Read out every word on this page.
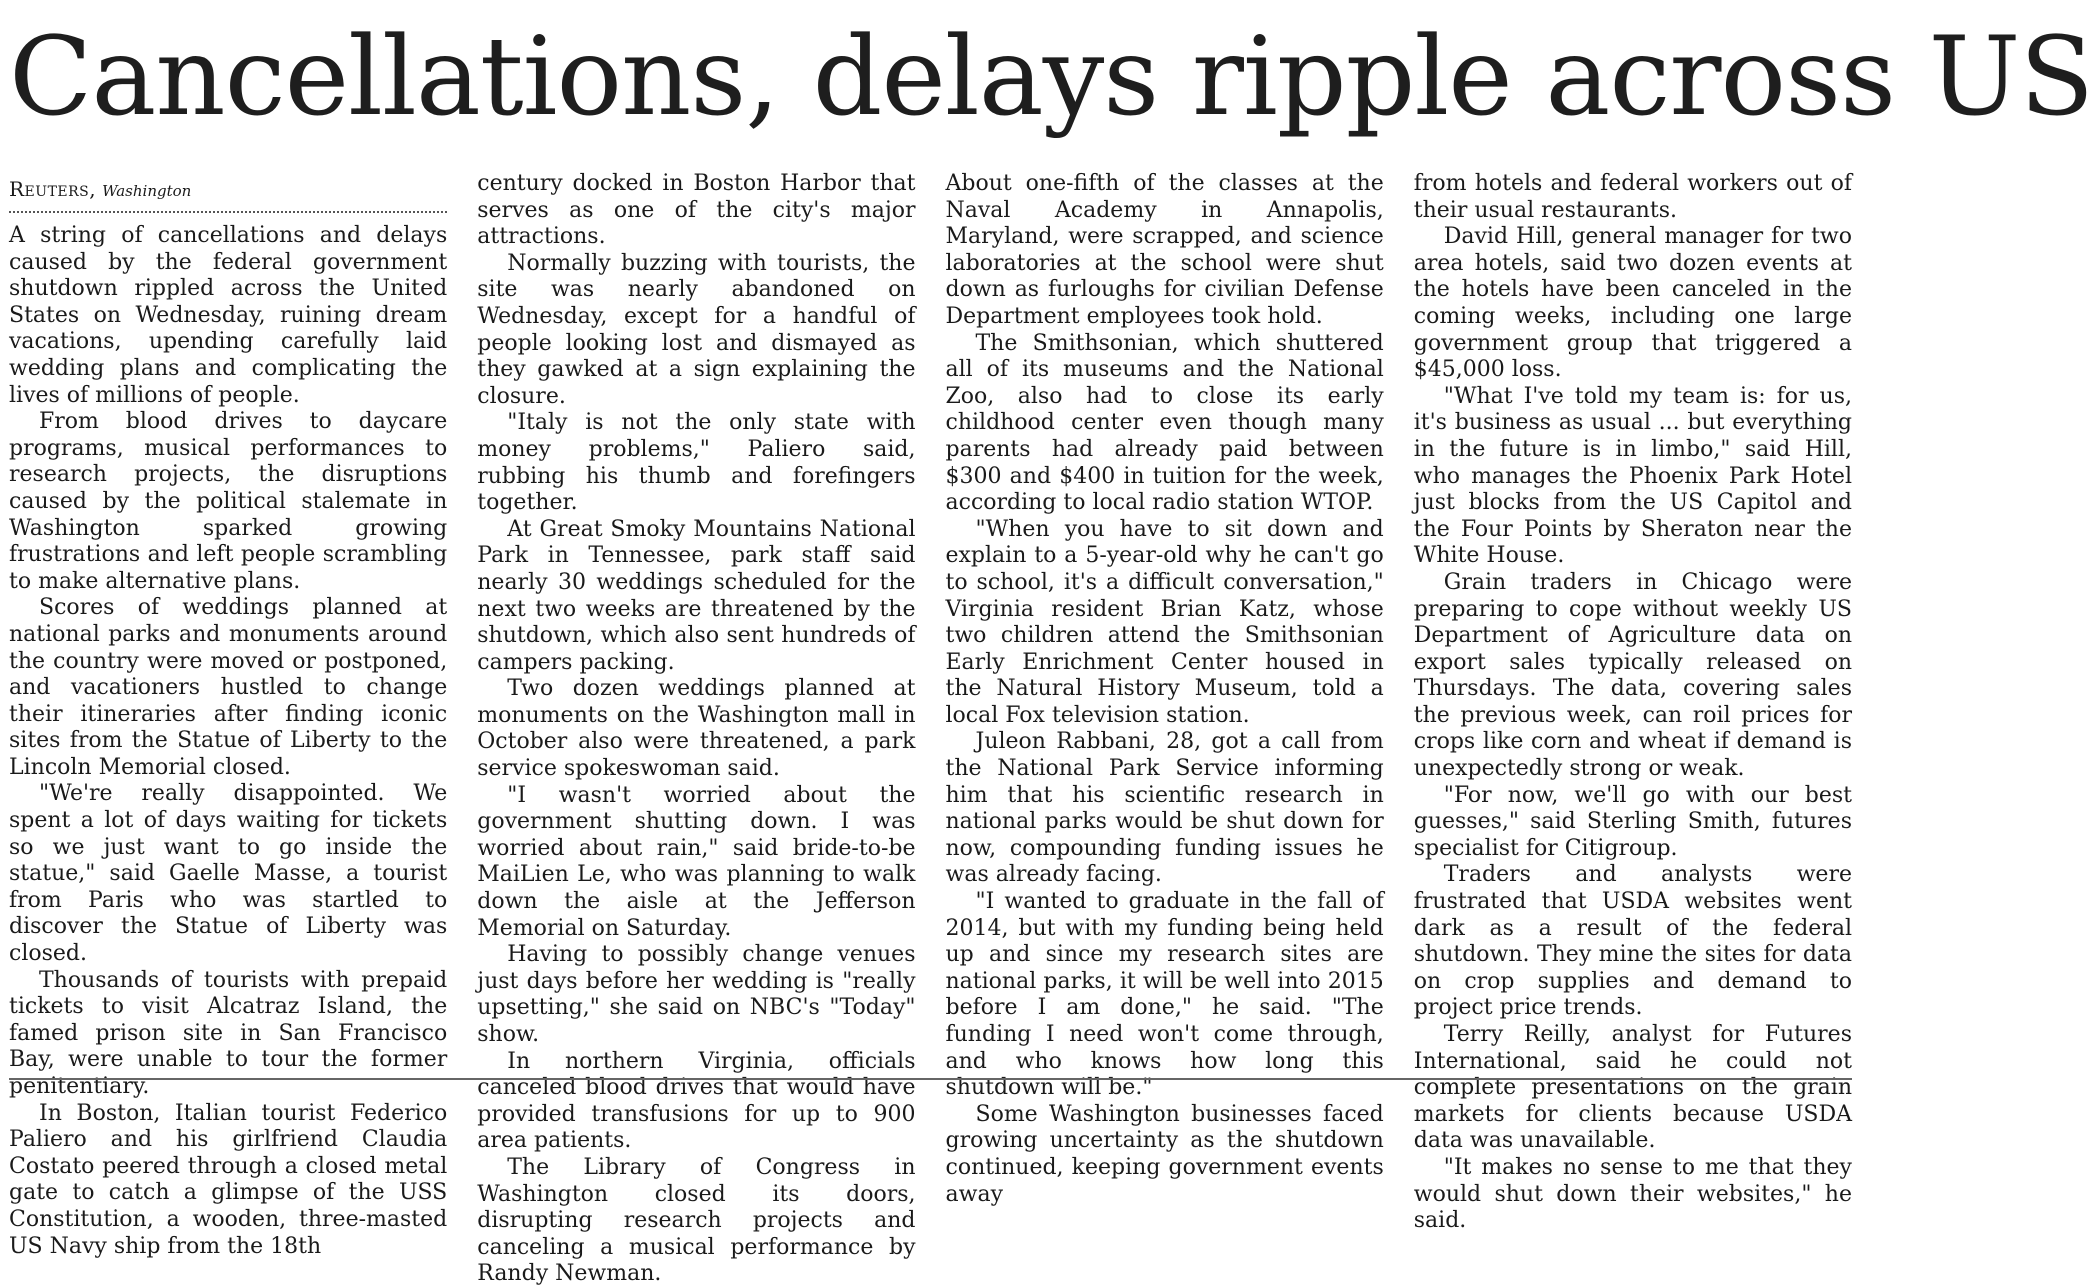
Cancellations, delays ripple across US
Reuters, Washington

A string of cancellations and delays caused by the federal government shutdown rippled across the United States on Wednesday, ruining dream vacations, upending carefully laid wedding plans and complicating the lives of millions of people.

From blood drives to daycare programs, musical performances to research projects, the disruptions caused by the political stalemate in Washington sparked growing frustrations and left people scrambling to make alternative plans.

Scores of weddings planned at national parks and monuments around the country were moved or postponed, and vacationers hustled to change their itineraries after finding iconic sites from the Statue of Liberty to the Lincoln Memorial closed.

"We're really disappointed. We spent a lot of days waiting for tickets so we just want to go inside the statue," said Gaelle Masse, a tourist from Paris who was startled to discover the Statue of Liberty was closed.

Thousands of tourists with prepaid tickets to visit Alcatraz Island, the famed prison site in San Francisco Bay, were unable to tour the former penitentiary.

In Boston, Italian tourist Federico Paliero and his girlfriend Claudia Costato peered through a closed metal gate to catch a glimpse of the USS Constitution, a wooden, three-masted US Navy ship from the 18th

century docked in Boston Harbor that serves as one of the city's major attractions.

Normally buzzing with tourists, the site was nearly abandoned on Wednesday, except for a handful of people looking lost and dismayed as they gawked at a sign explaining the closure.

"Italy is not the only state with money problems," Paliero said, rubbing his thumb and forefingers together.

At Great Smoky Mountains National Park in Tennessee, park staff said nearly 30 weddings scheduled for the next two weeks are threatened by the shutdown, which also sent hundreds of campers packing.

Two dozen weddings planned at monuments on the Washington mall in October also were threatened, a park service spokeswoman said.

"I wasn't worried about the government shutting down. I was worried about rain," said bride-to-be MaiLien Le, who was planning to walk down the aisle at the Jefferson Memorial on Saturday.

Having to possibly change venues just days before her wedding is "really upsetting," she said on NBC's "Today" show.

In northern Virginia, officials canceled blood drives that would have provided transfusions for up to 900 area patients.

The Library of Congress in Washington closed its doors, disrupting research projects and canceling a musical performance by Randy Newman.

About one-fifth of the classes at the Naval Academy in Annapolis, Maryland, were scrapped, and science laboratories at the school were shut down as furloughs for civilian Defense Department employees took hold.

The Smithsonian, which shuttered all of its museums and the National Zoo, also had to close its early childhood center even though many parents had already paid between $300 and $400 in tuition for the week, according to local radio station WTOP.

"When you have to sit down and explain to a 5-year-old why he can't go to school, it's a difficult conversation," Virginia resident Brian Katz, whose two children attend the Smithsonian Early Enrichment Center housed in the Natural History Museum, told a local Fox television station.

Juleon Rabbani, 28, got a call from the National Park Service informing him that his scientific research in national parks would be shut down for now, compounding funding issues he was already facing.

"I wanted to graduate in the fall of 2014, but with my funding being held up and since my research sites are national parks, it will be well into 2015 before I am done," he said. "The funding I need won't come through, and who knows how long this shutdown will be."

Some Washington businesses faced growing uncertainty as the shutdown continued, keeping government events away

from hotels and federal workers out of their usual restaurants.

David Hill, general manager for two area hotels, said two dozen events at the hotels have been canceled in the coming weeks, including one large government group that triggered a $45,000 loss.

"What I've told my team is: for us, it's business as usual ... but everything in the future is in limbo," said Hill, who manages the Phoenix Park Hotel just blocks from the US Capitol and the Four Points by Sheraton near the White House.

Grain traders in Chicago were preparing to cope without weekly US Department of Agriculture data on export sales typically released on Thursdays. The data, covering sales the previous week, can roil prices for crops like corn and wheat if demand is unexpectedly strong or weak.

"For now, we'll go with our best guesses," said Sterling Smith, futures specialist for Citigroup.

Traders and analysts were frustrated that USDA websites went dark as a result of the federal shutdown. They mine the sites for data on crop supplies and demand to project price trends.

Terry Reilly, analyst for Futures International, said he could not complete presentations on the grain markets for clients because USDA data was unavailable.

"It makes no sense to me that they would shut down their websites," he said.
